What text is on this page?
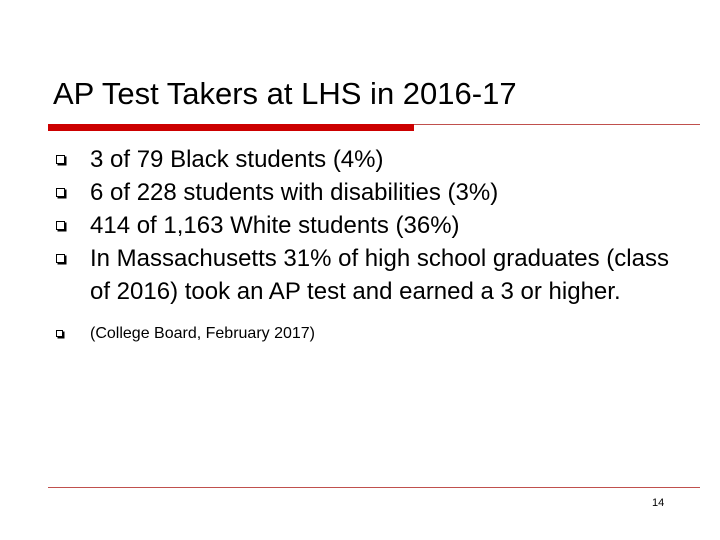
AP Test Takers at LHS in 2016-17
3 of 79 Black students (4%)
6 of 228 students with disabilities (3%)
414 of 1,163 White students (36%)
In Massachusetts 31% of high school graduates (class of 2016) took an AP test and earned a 3 or higher.
(College Board, February 2017)
14
